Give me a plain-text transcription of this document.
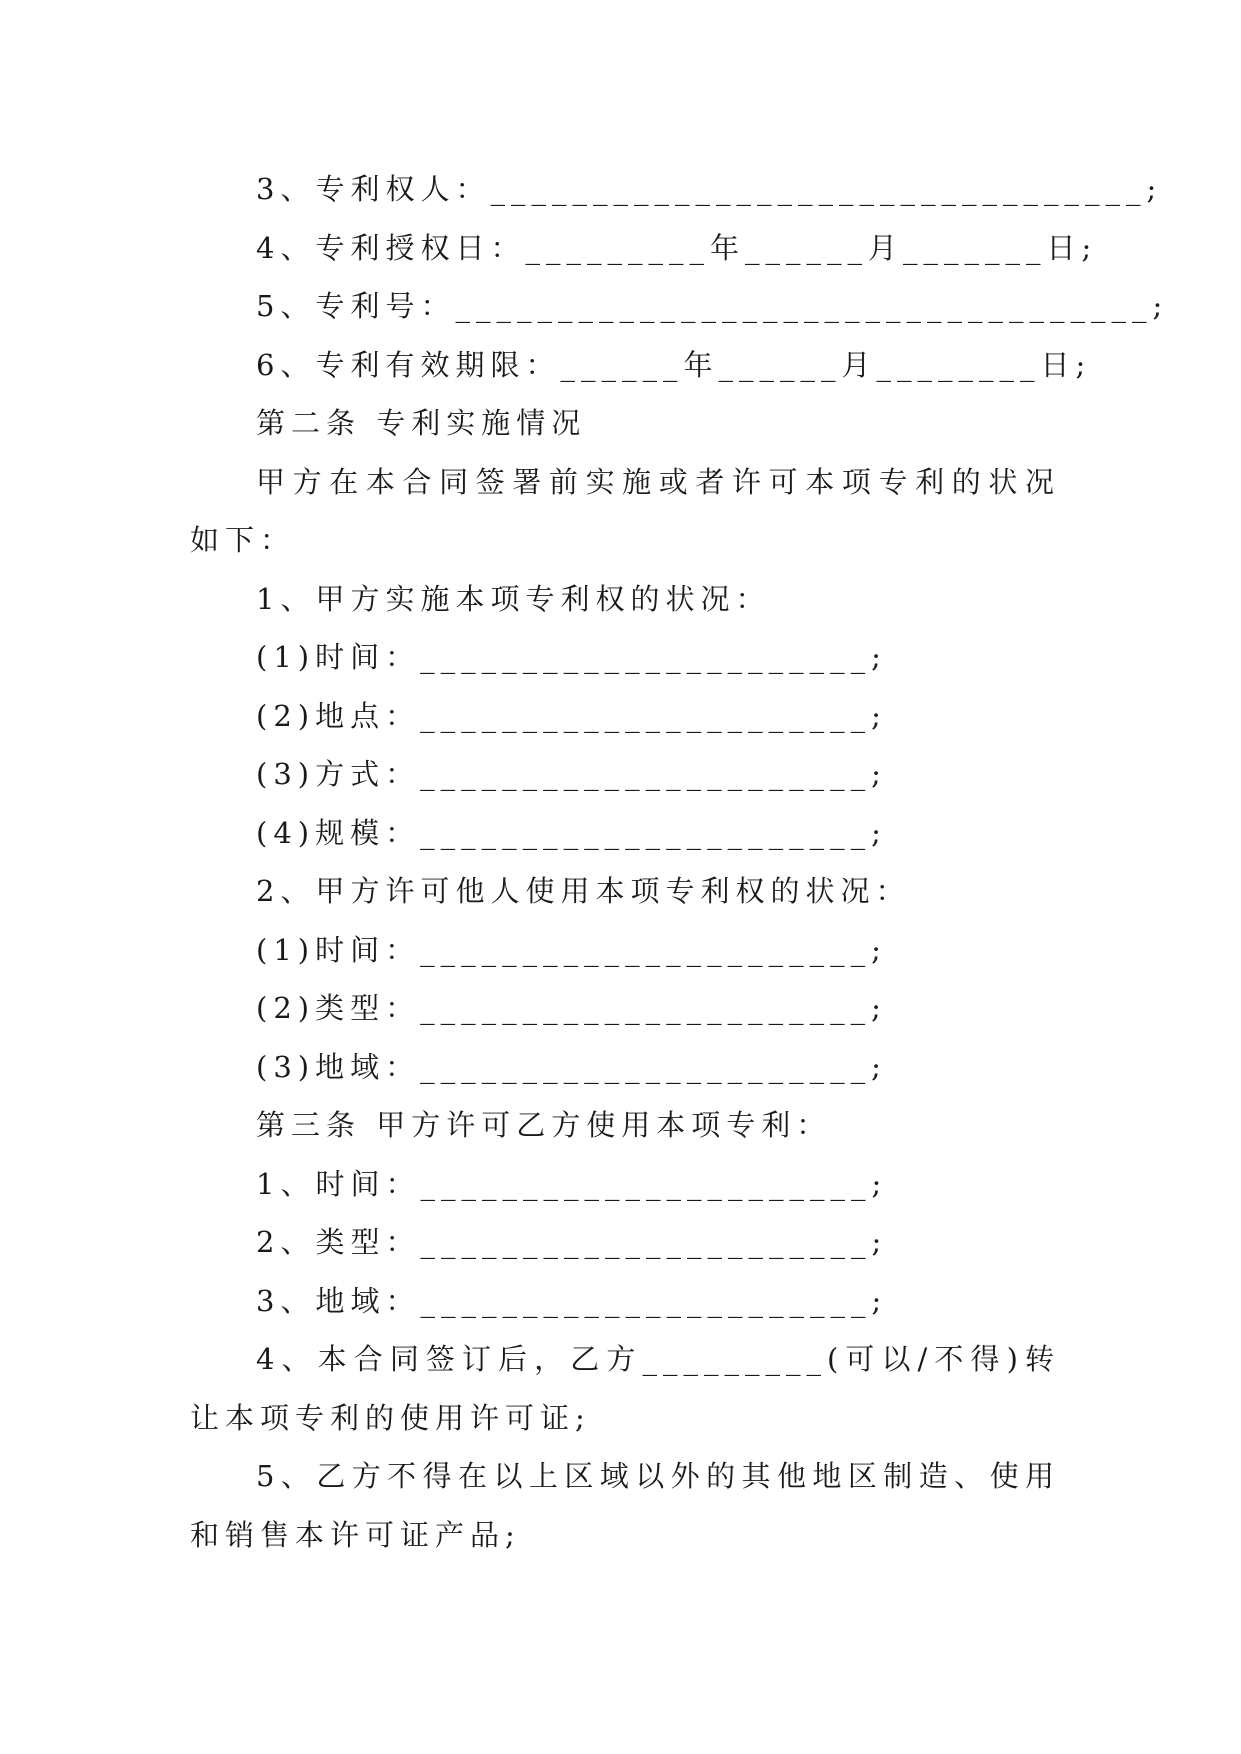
3、专利权人：________________________________;
4、专利授权日：_________年______月_______日;
5、专利号：__________________________________;
6、专利有效期限：______年______月________日;
第二条 专利实施情况

甲方在本合同签署前实施或者许可本项专利的状况如下：

1、甲方实施本项专利权的状况：
(1)时间：______________________;
(2)地点：______________________;
(3)方式：______________________;
(4)规模：______________________;
2、甲方许可他人使用本项专利权的状况：
(1)时间：______________________;
(2)类型：______________________;
(3)地域：______________________;
第三条 甲方许可乙方使用本项专利：
1、时间：______________________;
2、类型：______________________;
3、地域：______________________;

4、本合同签订后，乙方_________(可以/不得)转让本项专利的使用许可证;

5、乙方不得在以上区域以外的其他地区制造、使用和销售本许可证产品;
